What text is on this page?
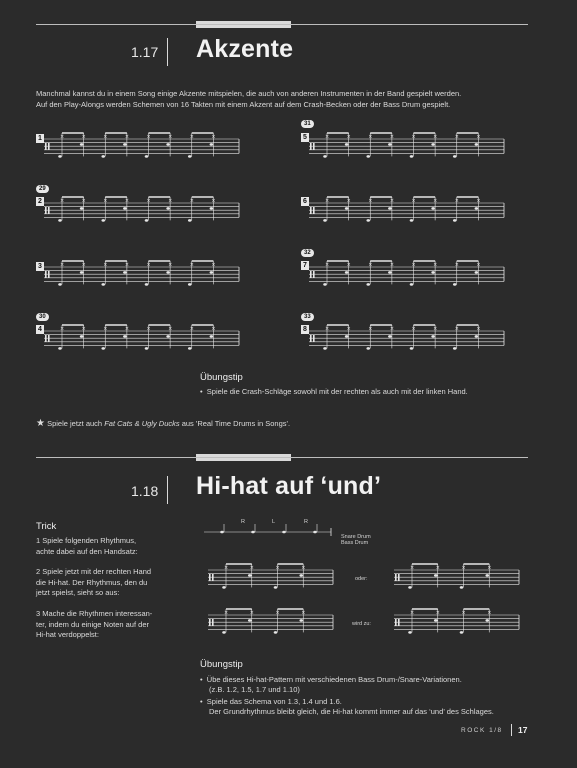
1.17 Akzente
Manchmal kannst du in einem Song einige Akzente mitspielen, die auch von anderen Instrumenten in der Band gespielt werden.
Auf den Play-Alongs werden Schemen von 16 Takten mit einem Akzent auf dem Crash-Becken oder der Bass Drum gespielt.
1
29
2
3
30
4
31
5
6
32
7
33
8
×	×	×	×	×	×	×	×
×	×	×	×	×	×	×	×
×	×	×	×	×	×	×	×
×	×	×	×	×	×	×	×
×	×	×	×	×	×	×	×
×	×	×	×	×	×	×	×
×	×	×	×	×	×	×	×
×	×	×	×	×	×	×	×
Übungstip
•  Spiele die Crash-Schläge sowohl mit der rechten als auch mit der linken Hand.
★ Spiele jetzt auch Fat Cats & Ugly Ducks aus 'Real Time Drums in Songs'.
1.18 Hi-hat auf ‘und’
Trick
1 Spiele folgenden Rhythmus,
achte dabei auf den Handsatz:
2 Spiele jetzt mit der rechten Hand
die Hi-hat. Der Rhythmus, den du
jetzt spielst, sieht so aus:
3 Mache die Rhythmen interessan-
ter, indem du einige Noten auf der
Hi-hat verdoppelst:
R	L	R
Snare Drum
Bass Drum
×	×	×	×
oder:
×	×	×	×
×	×	×	×
wird zu:
×	×	×	×
Übungstip
•  Übe dieses Hi-hat-Pattern mit verschiedenen Bass Drum-/Snare-Variationen.
(z.B. 1.2, 1.5, 1.7 und 1.10)
•  Spiele das Schema von 1.3, 1.4 und 1.6.
Der Grundrhythmus bleibt gleich, die Hi-hat kommt immer auf das ‘und’ des Schlages.
ROCK 1/8 17
